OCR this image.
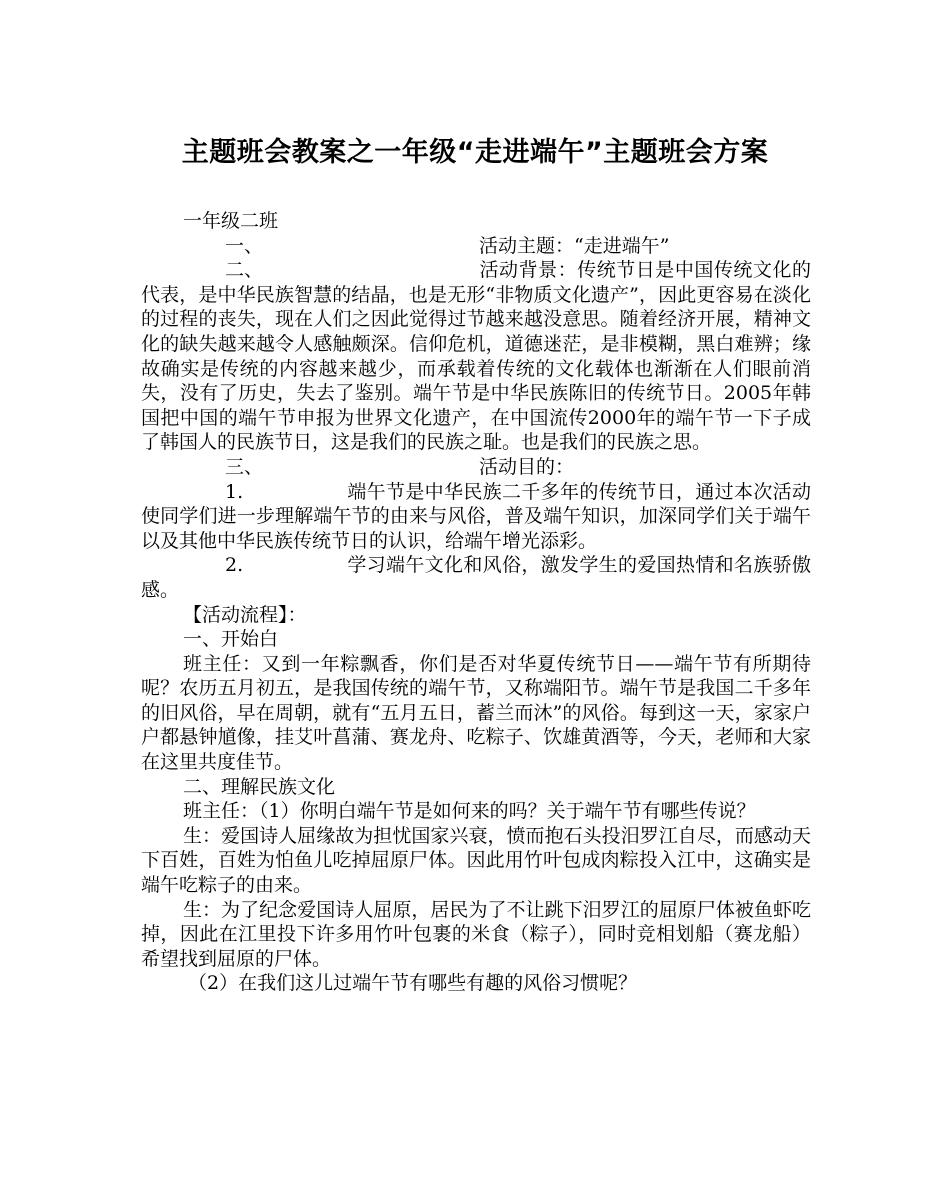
主题班会教案之一年级“走进端午”主题班会方案

一年级二班

一、	活动主题：“走进端午”

二、	活动背景：传统节日是中国传统文化的代表，是中华民族智慧的结晶，也是无形“非物质文化遗产”，因此更容易在淡化的过程的丧失，现在人们之因此觉得过节越来越没意思。随着经济开展，精神文化的缺失越来越令人感触颇深。信仰危机，道德迷茫，是非模糊，黑白难辨；缘故确实是传统的内容越来越少，而承载着传统的文化载体也渐渐在人们眼前消失，没有了历史，失去了鉴别。端午节是中华民族陈旧的传统节日。2005年韩国把中国的端午节申报为世界文化遗产，在中国流传2000年的端午节一下子成了韩国人的民族节日，这是我们的民族之耻。也是我们的民族之思。

三、	活动目的：

1.	端午节是中华民族二千多年的传统节日，通过本次活动使同学们进一步理解端午节的由来与风俗，普及端午知识，加深同学们关于端午以及其他中华民族传统节日的认识，给端午增光添彩。

2.	学习端午文化和风俗，激发学生的爱国热情和名族骄傲感。

【活动流程】：

一、开始白

班主任：又到一年粽飘香，你们是否对华夏传统节日——端午节有所期待呢？农历五月初五，是我国传统的端午节，又称端阳节。端午节是我国二千多年的旧风俗，早在周朝，就有“五月五日，蓄兰而沐”的风俗。每到这一天，家家户户都悬钟馗像，挂艾叶菖蒲、赛龙舟、吃粽子、饮雄黄酒等，今天，老师和大家在这里共度佳节。

二、理解民族文化

班主任：（1）你明白端午节是如何来的吗？关于端午节有哪些传说？

生：爱国诗人屈缘故为担忧国家兴衰，愤而抱石头投汨罗江自尽，而感动天下百姓，百姓为怕鱼儿吃掉屈原尸体。因此用竹叶包成肉粽投入江中，这确实是端午吃粽子的由来。

生：为了纪念爱国诗人屈原，居民为了不让跳下汨罗江的屈原尸体被鱼虾吃掉，因此在江里投下许多用竹叶包裹的米食（粽子），同时竞相划船（赛龙船）希望找到屈原的尸体。

（2）在我们这儿过端午节有哪些有趣的风俗习惯呢？
